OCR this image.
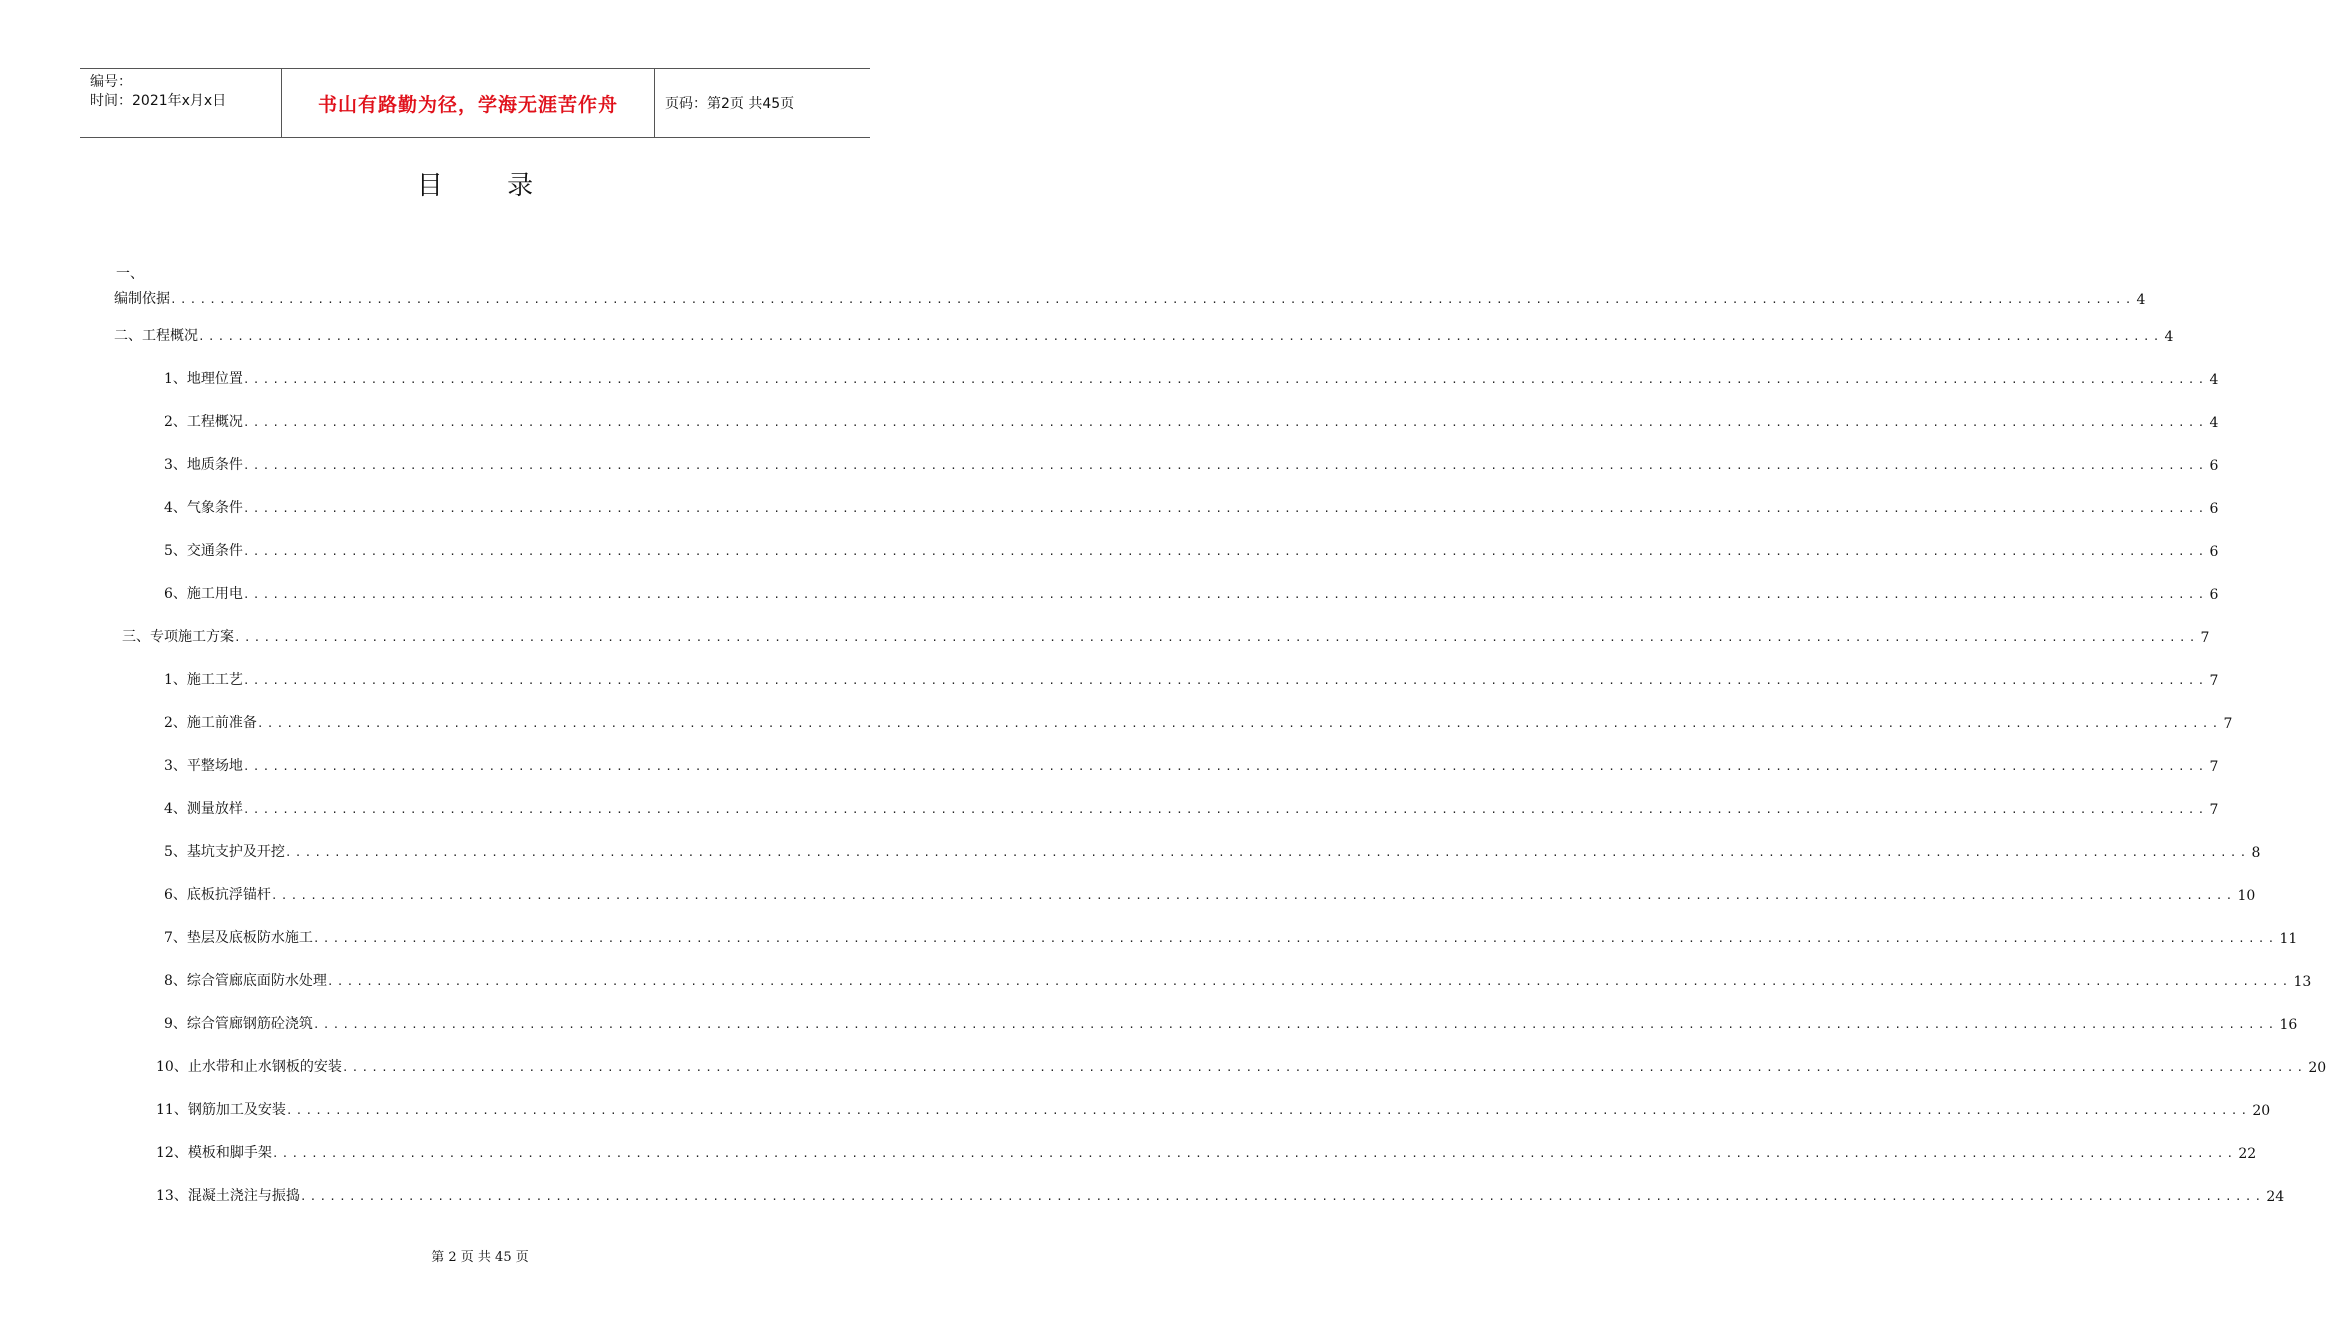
编号：
时间：2021年x月x日	书山有路勤为径，学海无涯苦作舟	页码：第2页 共45页
目 录
一、
编制依据 ........................................................................................................................................................................................................ 4
二、工程概况 ........................................................................................................................................................................................................ 4
1、地理位置 ........................................................................................................................................................................................................ 4
2、工程概况 ........................................................................................................................................................................................................ 4
3、地质条件 ........................................................................................................................................................................................................ 6
4、气象条件 ........................................................................................................................................................................................................ 6
5、交通条件 ........................................................................................................................................................................................................ 6
6、施工用电 ........................................................................................................................................................................................................ 6
三、专项施工方案 ........................................................................................................................................................................................................ 7
1、施工工艺 ........................................................................................................................................................................................................ 7
2、施工前准备 ........................................................................................................................................................................................................ 7
3、平整场地 ........................................................................................................................................................................................................ 7
4、测量放样 ........................................................................................................................................................................................................ 7
5、基坑支护及开挖 ........................................................................................................................................................................................................ 8
6、底板抗浮锚杆 ........................................................................................................................................................................................................ 10
7、垫层及底板防水施工 ........................................................................................................................................................................................................ 11
8、综合管廊底面防水处理 ........................................................................................................................................................................................................ 13
9、综合管廊钢筋砼浇筑 ........................................................................................................................................................................................................ 16
10、止水带和止水钢板的安装 ........................................................................................................................................................................................................ 20
11、钢筋加工及安装 ........................................................................................................................................................................................................ 20
12、模板和脚手架 ........................................................................................................................................................................................................ 22
13、混凝土浇注与振捣 ........................................................................................................................................................................................................ 24
第 2 页 共 45 页
